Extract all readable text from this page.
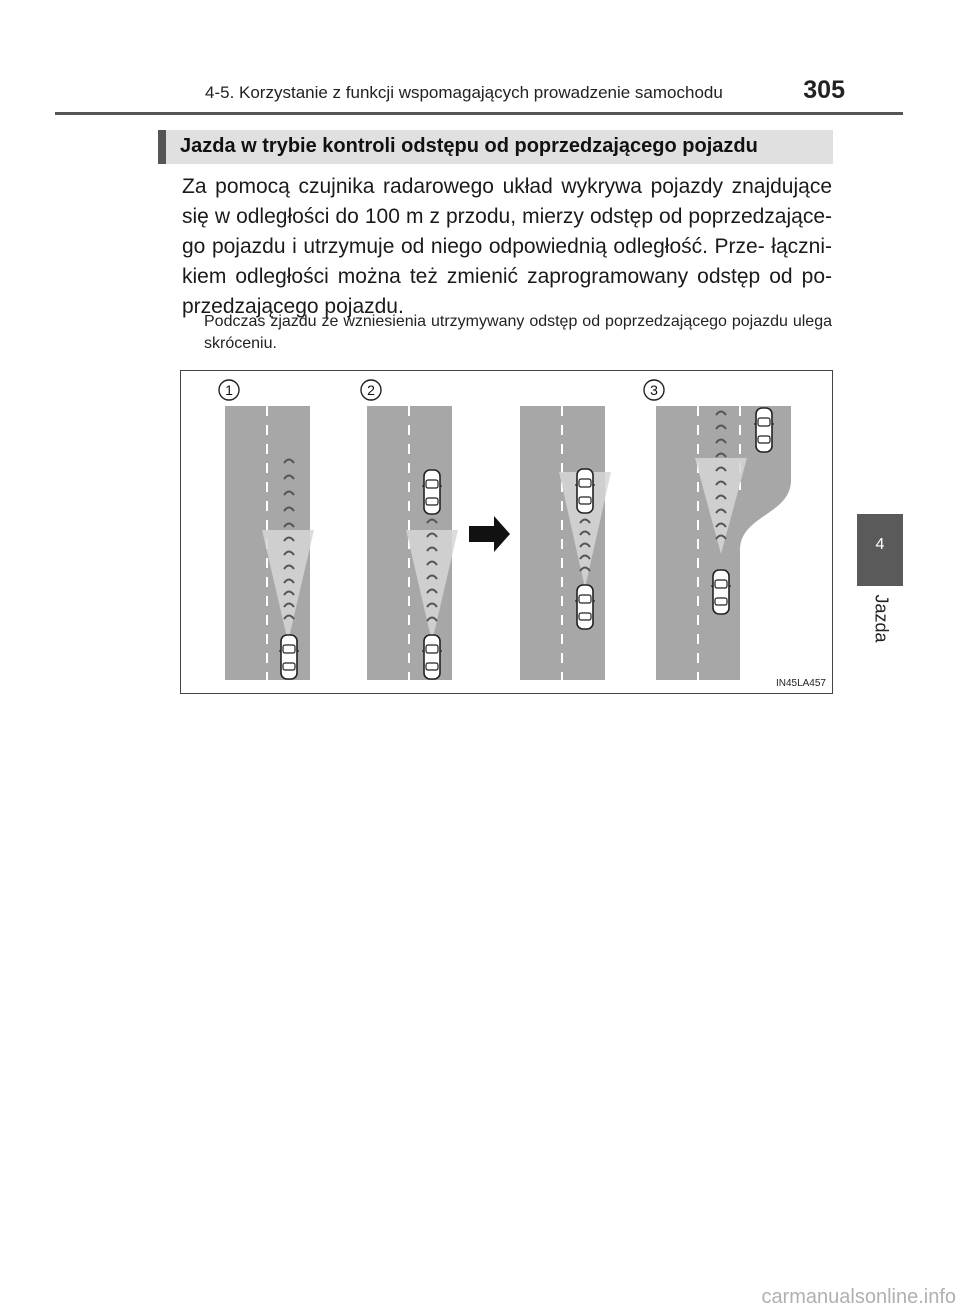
4-5. Korzystanie z funkcji wspomagających prowadzenie samochodu	305
Jazda w trybie kontroli odstępu od poprzedzającego pojazdu
Za pomocą czujnika radarowego układ wykrywa pojazdy znajdujące się w odległości do 100 m z przodu, mierzy odstęp od poprzedzające- go pojazdu i utrzymuje od niego odpowiednią odległość. Prze- łączni- kiem odległości można też zmienić zaprogramowany odstęp od po- przedzającego pojazdu.
Podczas zjazdu ze wzniesienia utrzymywany odstęp od poprzedzającego pojazdu ulega skróceniu.
1	2	3
IN45LA457
4
Jazda
carmanualsonline.info
